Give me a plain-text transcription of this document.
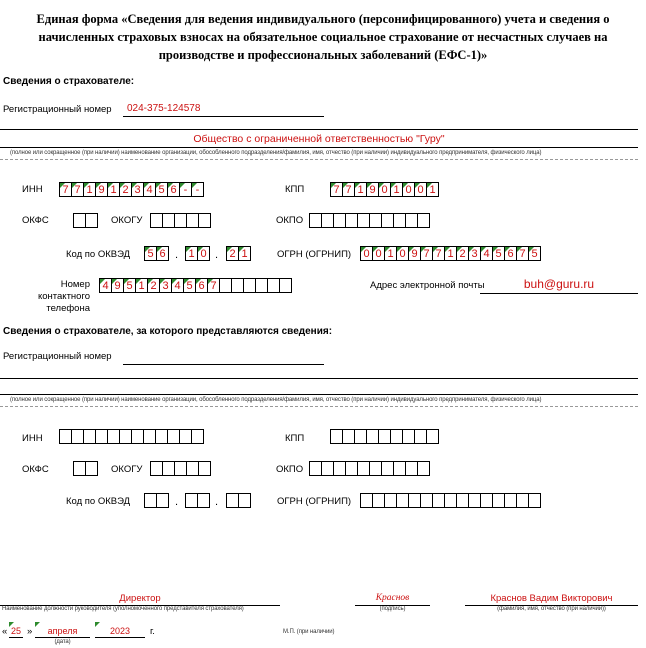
Единая форма «Сведения для ведения индивидуального (персонифицированного) учета и сведения о начисленных страховых взносах на обязательное социальное страхование от несчастных случаев на производстве и профессиональных заболеваний (ЕФС-1)»
Сведения о страхователе:
Регистрационный номер 024-375-124578
Общество с ограниченной ответственностью "Гуру"
(полное или сокращенное (при наличии) наименование организации, обособленного подразделения/фамилия, имя, отчество (при наличии) индивидуального предпринимателя, физического лица)
ИНН	7 7 1 9 1 2 3 4 5 6 - -	КПП	7 7 1 9 0 1 0 0 1
ОКФС	ОКОГУ	ОКПО
Код по ОКВЭД	5 6 . 1 0 .	2 1	ОГРН (ОГРНИП)	0 0 1 0 9 7 7 1 2 3 4 5 6 7 5
Номер контактного телефона
4 9 5 1 2 3 4 5 6 7	Адрес электронной почты	buh@guru.ru
Сведения о страхователе, за которого представляются сведения:
Регистрационный номер
(полное или сокращенное (при наличии) наименование организации, обособленного подразделения/фамилия, имя, отчество (при наличии) индивидуального предпринимателя, физического лица)
ИНН	КПП
ОКФС	ОКОГУ	ОКПО
Код по ОКВЭД	.	.	ОГРН (ОГРНИП)
Директор
Наименование должности руководителя (уполномоченного представителя страхователя)
Краснов
(подпись)
Краснов Вадим Викторович
(фамилия, имя, отчество (при наличии))
« 25 »	апреля	2023	г.
(дата)
М.П. (при наличии)
